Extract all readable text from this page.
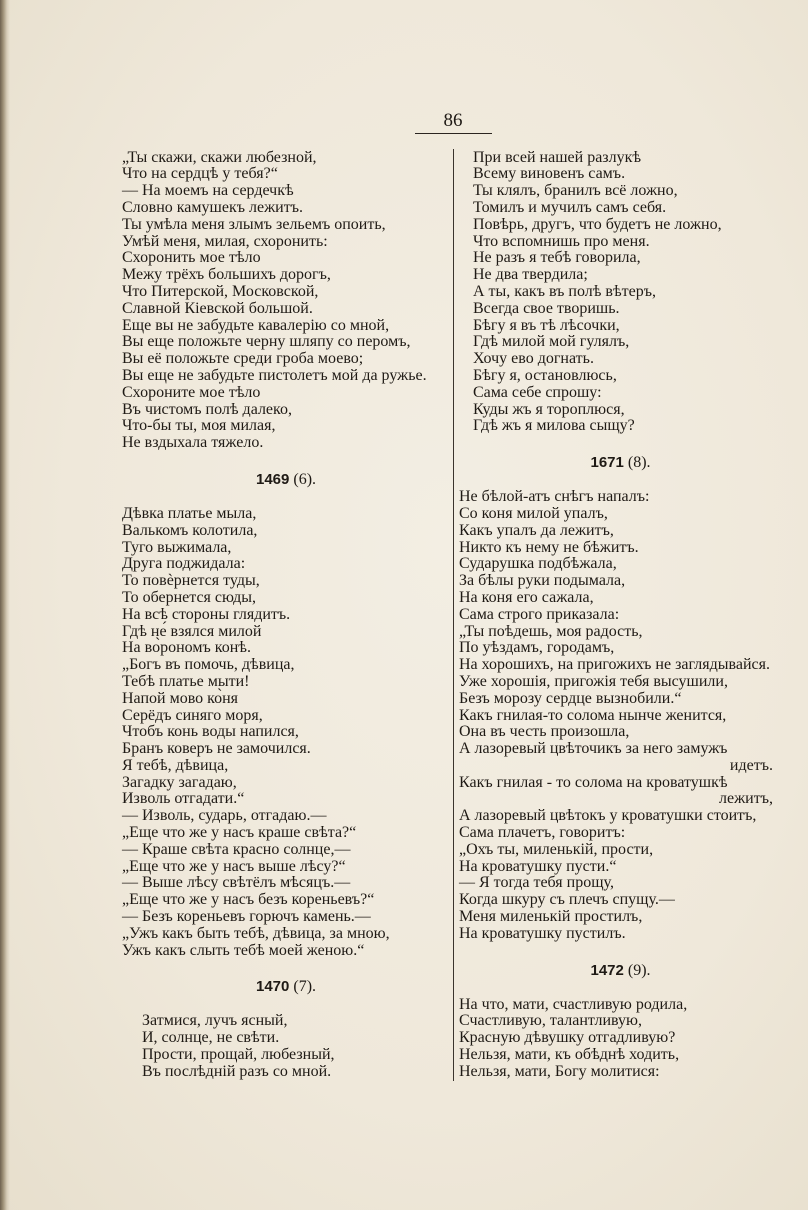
86
„Ты скажи, скажи любезной,
Что на сердцѣ у тебя?“
— На моемъ на сердечкѣ
Словно камушекъ лежитъ.
Ты умѣла меня злымъ зельемъ опоить,
Умѣй меня, милая, схоронить:
Схоронить мое тѣло
Межу трёхъ большихъ дорогъ,
Что Питерской, Московской,
Славной Кіевской большой.
Еще вы не забудьте кавалерію со мной,
Вы еще положьте черну шляпу со перомъ,
Вы её положьте среди гроба моево;
Вы еще не забудьте пистолетъ мой да ружье.
Схороните мое тѣло
Въ чистомъ полѣ далеко,
Что-бы ты, моя милая,
Не вздыхала тяжело.
1469 (6).
Дѣвка платье мыла,
Валькомъ колотила,
Туго выжимала,
Друга поджидала:
То повѐрнется туды,
То обернется сюды,
На всѣ стороны глядитъ.
Гдѣ не́ взялся милой
На во̀рономъ конѣ.
„Богъ въ помочь, дѣвица,
Тебѣ платье мыти!
Напой мово ко̀ня
Серёдъ синяго моря,
Чтобъ конь воды напился,
Бранъ коверъ не замочился.
Я тебѣ, дѣвица,
Загадку загадаю,
Изволь отгадати.“
— Изволь, сударь, отгадаю.—
„Еще что же у насъ краше свѣта?“
— Краше свѣта красно солнце,—
„Еще что же у насъ выше лѣсу?“
— Выше лѣсу свѣтёлъ мѣсяцъ.—
„Еще что же у насъ безъ кореньевъ?“
— Безъ кореньевъ горючъ камень.—
„Ужъ какъ быть тебѣ, дѣвица, за мною,
Ужъ какъ слыть тебѣ моей женою.“
1470 (7).
Затмися, лучъ ясный,
И, солнце, не свѣти.
Прости, прощай, любезный,
Въ послѣдній разъ со мной.
При всей нашей разлукѣ
Всему виновенъ самъ.
Ты клялъ, бранилъ всё ложно,
Томилъ и мучилъ самъ себя.
Повѣрь, другъ, что будетъ не ложно,
Что вспомнишь про меня.
Не разъ я тебѣ говорила,
Не два твердила;
А ты, какъ въ полѣ вѣтеръ,
Всегда свое творишь.
Бѣгу я въ тѣ лѣсочки,
Гдѣ милой мой гулялъ,
Хочу ево догнать.
Бѣгу я, остановлюсь,
Сама себе спрошу:
Куды жъ я тороплюся,
Гдѣ жъ я милова сыщу?
1671 (8).
Не бѣлой-атъ снѣгъ напалъ:
Со коня милой упалъ,
Какъ упалъ да лежитъ,
Никто къ нему не бѣжитъ.
Сударушка подбѣжала,
За бѣлы руки подымала,
На коня его сажала,
Сама строго приказала:
„Ты поѣдешь, моя радость,
По уѣздамъ, городамъ,
На хорошихъ, на пригожихъ не заглядывайся.
Уже хорошія, пригожія тебя высушили,
Безъ морозу сердце вызнобили.“
Какъ гнилая-то солома нынче женится,
Она въ честь произошла,
А лазоревый цвѣточикъ за него замужъ
идетъ.
Какъ гнилая - то солома на кроватушкѣ
лежитъ,
А лазоревый цвѣтокъ у кроватушки стоитъ,
Сама плачетъ, говоритъ:
„Охъ ты, миленькій, прости,
На кроватушку пусти.“
— Я тогда тебя прощу,
Когда шкуру съ плечъ спущу.—
Меня миленькій простилъ,
На кроватушку пустилъ.
1472 (9).
На что, мати, счастливую родила,
Счастливую, талантливую,
Красную дѣвушку отгадливую?
Нельзя, мати, къ обѣднѣ ходить,
Нельзя, мати, Богу молитися:
